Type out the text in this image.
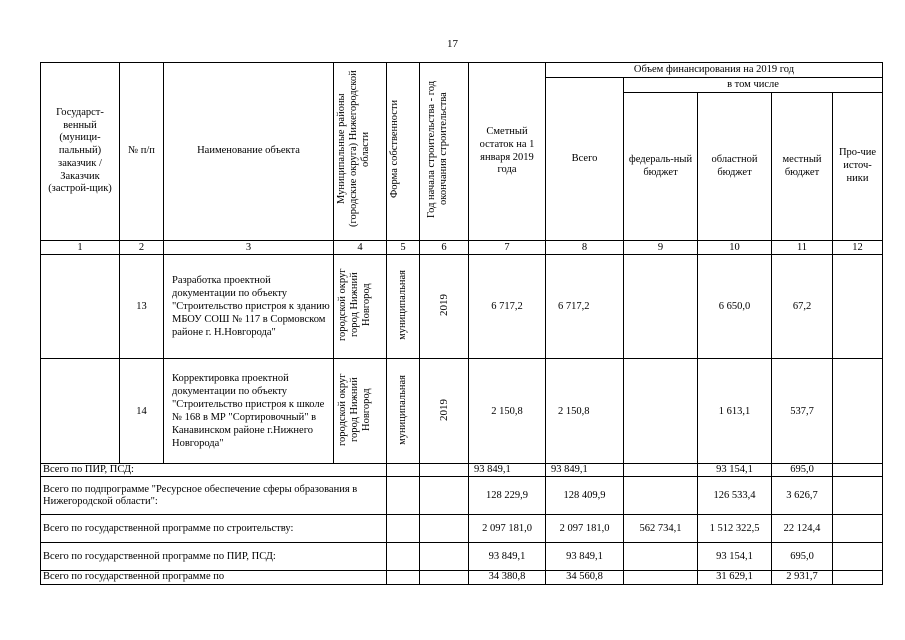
17
Государст-венный (муници-пальный) заказчик / Заказчик (застрой-щик)	№ п/п	Наименование объекта	Муниципальные районы (городские округа) Нижегородской области	Форма собственности	Год начала строительства - год окончания строительства	Сметный остаток на 1 января 2019 года	Объем финансирования на 2019 год				
							Всего	в том числе			
								федераль-ный бюджет	областной бюджет	местный бюджет	Про-чие источ-ники
1	2	3	4	5	6	7	8	9	10	11	12
	13	Разработка проектной документации по объекту "Строительство пристроя к зданию МБОУ СОШ № 117 в Сормовском районе г. Н.Новгорода"	городской округ город Нижний Новгород	муниципальная	2019	6 717,2	6 717,2		6 650,0	67,2	
	14	Корректировка проектной документации по объекту "Строительство пристроя к школе № 168 в МР "Сортировочный" в Канавинском районе г.Нижнего Новгорода"	городской округ город Нижний Новгород	муниципальная	2019	2 150,8	2 150,8		1 613,1	537,7	
Всего по ПИР, ПСД:						93 849,1	93 849,1		93 154,1	695,0	
Всего по подпрограмме "Ресурсное обеспечение сферы образования в Нижегородской области":						128 229,9	128 409,9		126 533,4	3 626,7	
Всего по государственной программе по строительству:						2 097 181,0	2 097 181,0	562 734,1	1 512 322,5	22 124,4	
Всего по государственной программе по ПИР, ПСД:						93 849,1	93 849,1		93 154,1	695,0	
Всего по государственной программе по						34 380,8	34 560,8		31 629,1	2 931,7	
